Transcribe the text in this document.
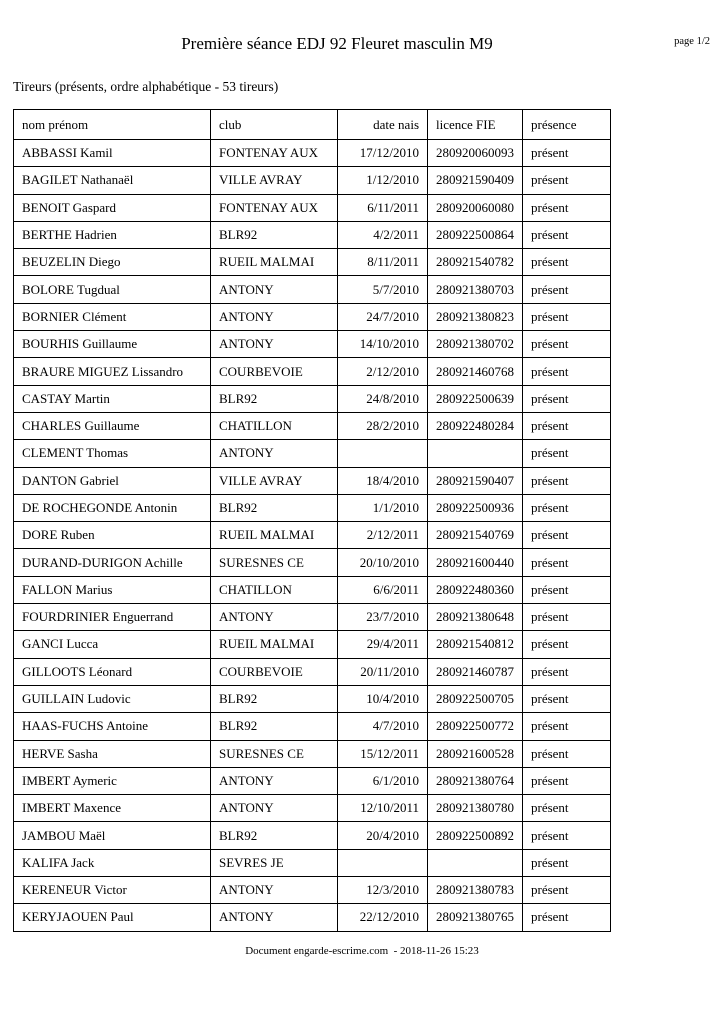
Première séance EDJ 92 Fleuret masculin M9	page 1/2
Tireurs (présents, ordre alphabétique - 53 tireurs)
nom prénom	club	date nais	licence FIE	présence
ABBASSI Kamil	FONTENAY AUX	17/12/2010	280920060093	présent
BAGILET Nathanaël	VILLE AVRAY	1/12/2010	280921590409	présent
BENOIT Gaspard	FONTENAY AUX	6/11/2011	280920060080	présent
BERTHE Hadrien	BLR92	4/2/2011	280922500864	présent
BEUZELIN Diego	RUEIL MALMAI	8/11/2011	280921540782	présent
BOLORE Tugdual	ANTONY	5/7/2010	280921380703	présent
BORNIER Clément	ANTONY	24/7/2010	280921380823	présent
BOURHIS Guillaume	ANTONY	14/10/2010	280921380702	présent
BRAURE MIGUEZ Lissandro	COURBEVOIE	2/12/2010	280921460768	présent
CASTAY Martin	BLR92	24/8/2010	280922500639	présent
CHARLES Guillaume	CHATILLON	28/2/2010	280922480284	présent
CLEMENT Thomas	ANTONY			présent
DANTON Gabriel	VILLE AVRAY	18/4/2010	280921590407	présent
DE ROCHEGONDE Antonin	BLR92	1/1/2010	280922500936	présent
DORE Ruben	RUEIL MALMAI	2/12/2011	280921540769	présent
DURAND-DURIGON Achille	SURESNES CE	20/10/2010	280921600440	présent
FALLON Marius	CHATILLON	6/6/2011	280922480360	présent
FOURDRINIER Enguerrand	ANTONY	23/7/2010	280921380648	présent
GANCI Lucca	RUEIL MALMAI	29/4/2011	280921540812	présent
GILLOOTS Léonard	COURBEVOIE	20/11/2010	280921460787	présent
GUILLAIN Ludovic	BLR92	10/4/2010	280922500705	présent
HAAS-FUCHS Antoine	BLR92	4/7/2010	280922500772	présent
HERVE Sasha	SURESNES CE	15/12/2011	280921600528	présent
IMBERT Aymeric	ANTONY	6/1/2010	280921380764	présent
IMBERT Maxence	ANTONY	12/10/2011	280921380780	présent
JAMBOU Maël	BLR92	20/4/2010	280922500892	présent
KALIFA Jack	SEVRES JE			présent
KERENEUR Victor	ANTONY	12/3/2010	280921380783	présent
KERYJAOUEN Paul	ANTONY	22/12/2010	280921380765	présent
Document engarde-escrime.com  - 2018-11-26 15:23
